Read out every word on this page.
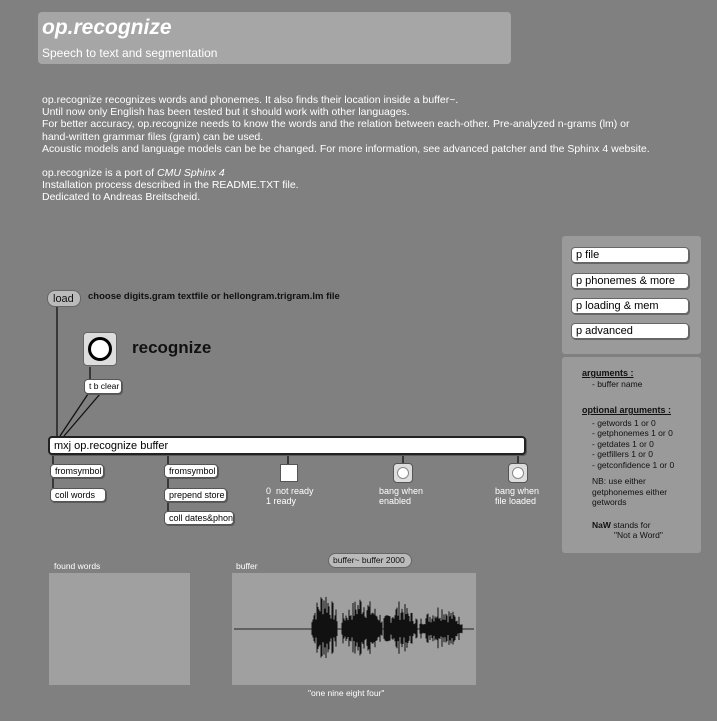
op.recognize
Speech to text and segmentation

op.recognize recognizes words and phonemes. It also finds their location inside a buffer~.

Until now only English has been tested but it should work with other languages.

For better accuracy, op.recognize needs to know the words and the relation between each-other. Pre-analyzed n-grams (lm) or

hand-written grammar files (gram) can be used.

Acoustic models and language models can be be changed. For more information, see advanced patcher and the Sphinx 4 website.

op.recognize is a port of CMU Sphinx 4

Installation process described in the README.TXT file.

Dedicated to Andreas Breitscheid.

load	choose digits.gram textfile or hellongram.trigram.lm file
recognize
t b clear
mxj op.recognize buffer
fromsymbol
coll words
fromsymbol
prepend store
coll dates&phon
0  not ready
1 ready
bang when
enabled
bang when
file loaded
p file
p phonemes & more
p loading & mem
p advanced
arguments :
- buffer name
optional arguments :
- getwords 1 or 0
- getphonemes 1 or 0
- getdates 1 or 0
- getfillers 1 or 0
- getconfidence 1 or 0
NB: use either
getphonemes either
getwords
NaW stands for
"Not a Word"
found words	buffer
buffer~ buffer 2000
"one nine eight four"
